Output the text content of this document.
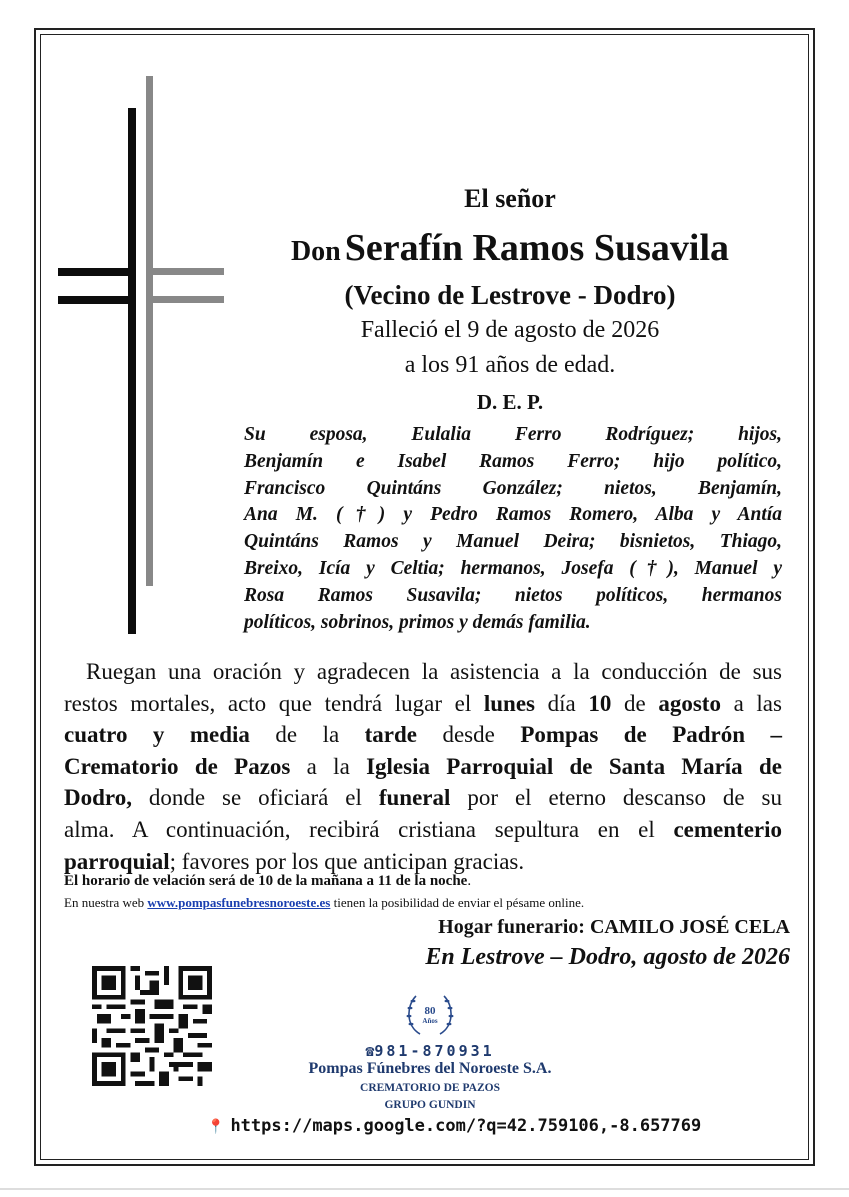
El señor
Don Serafín Ramos Susavila
(Vecino de Lestrove - Dodro)
Falleció el 9 de agosto de 2026
a los 91 años de edad.
D. E. P.
Su esposa, Eulalia Ferro Rodríguez; hijos,
Benjamín e Isabel Ramos Ferro; hijo político,
Francisco Quintáns González; nietos, Benjamín,
Ana M. (†) y Pedro Ramos Romero, Alba y Antía
Quintáns Ramos y Manuel Deira; bisnietos, Thiago,
Breixo, Icía y Celtia; hermanos, Josefa (†), Manuel y
Rosa Ramos Susavila; nietos políticos, hermanos
políticos, sobrinos, primos y demás familia.
Ruegan una oración y agradecen la asistencia a la conducción de sus
restos mortales, acto que tendrá lugar el lunes día 10 de agosto a las
cuatro y media de la tarde desde Pompas de Padrón –
Crematorio de Pazos a la Iglesia Parroquial de Santa María de
Dodro, donde se oficiará el funeral por el eterno descanso de su
alma. A continuación, recibirá cristiana sepultura en el cementerio
parroquial; favores por los que anticipan gracias.
El horario de velación será de 10 de la mañana a 11 de la noche.
En nuestra web www.pompasfunebresnoroeste.es tienen la posibilidad de enviar el pésame online.
Hogar funerario: CAMILO JOSÉ CELA
En Lestrove – Dodro, agosto de 2026
80
Años
☎981-870931
Pompas Fúnebres del Noroeste S.A.
CREMATORIO DE PAZOS
GRUPO GUNDIN
📍 https://maps.google.com/?q=42.759106,-8.657769
